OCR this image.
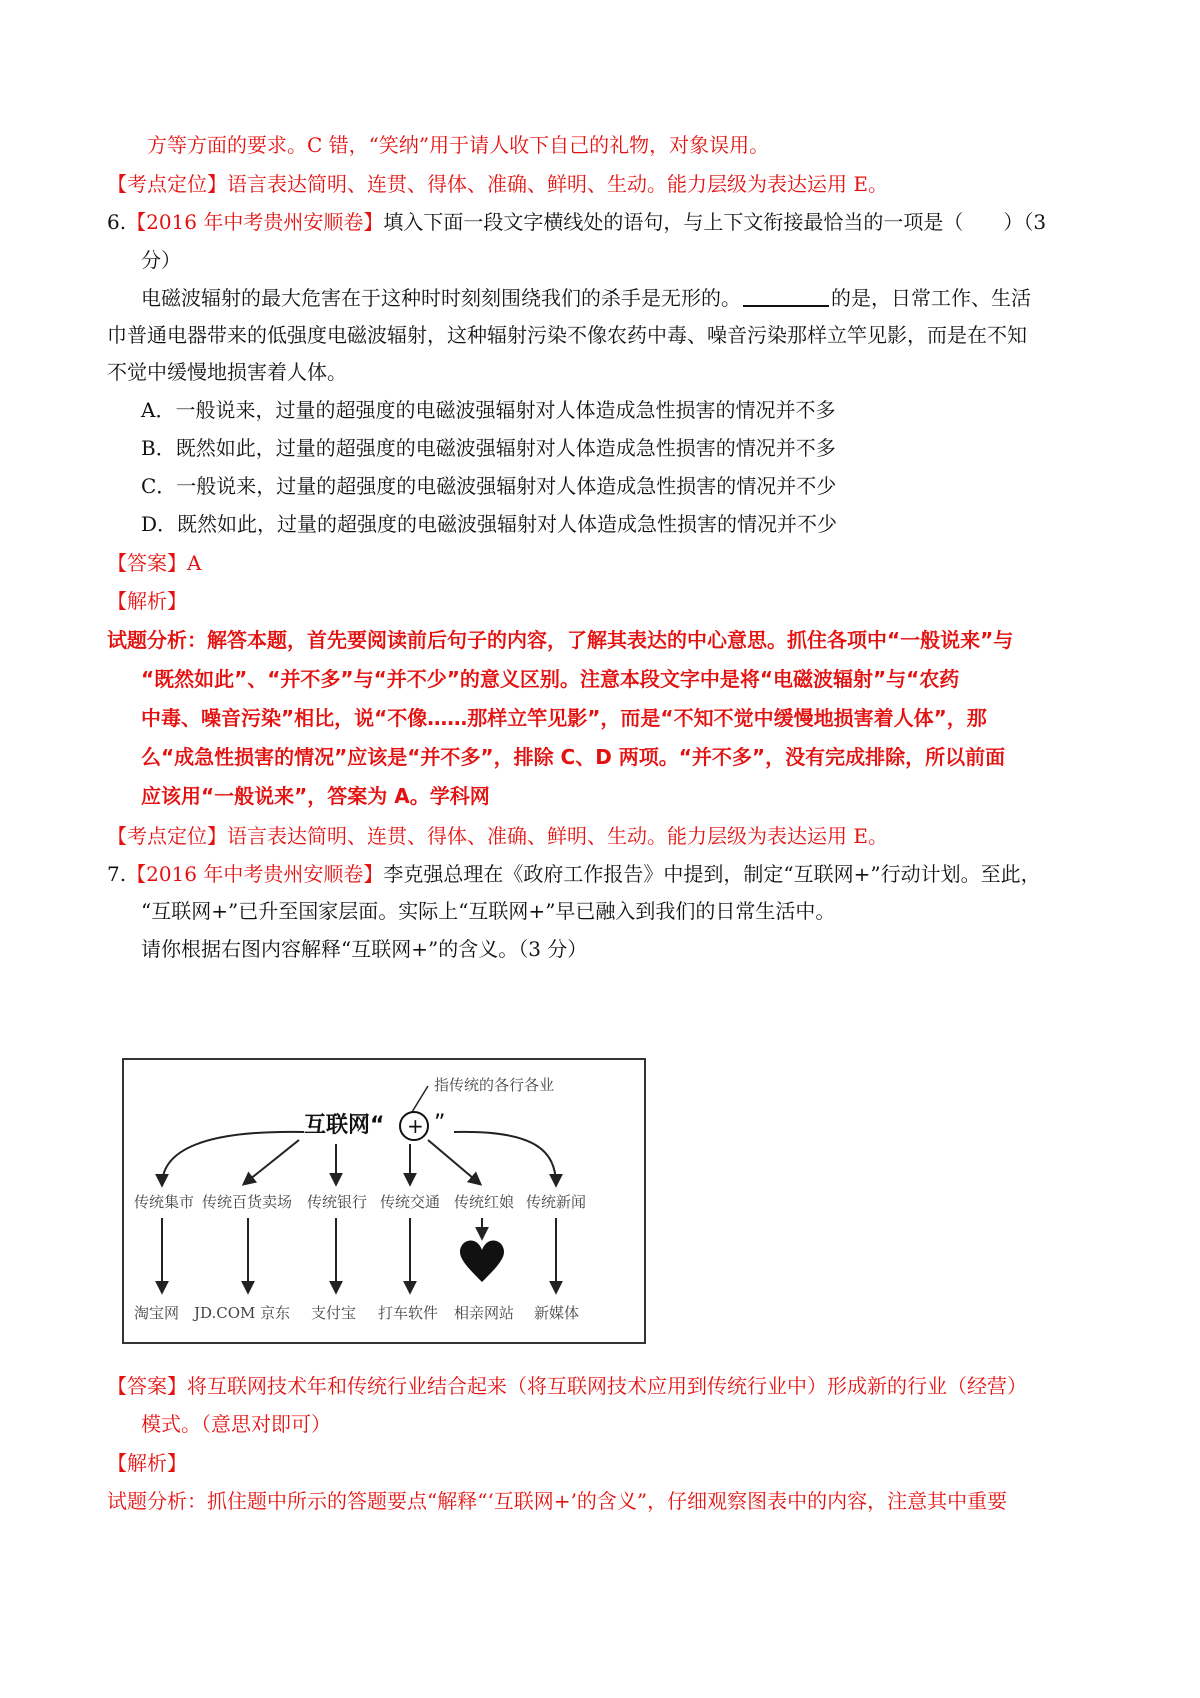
方等方面的要求。C 错，“笑纳”用于请人收下自己的礼物，对象误用。
【考点定位】语言表达简明、连贯、得体、准确、鲜明、生动。能力层级为表达运用 E。
6.【2016 年中考贵州安顺卷】填入下面一段文字横线处的语句，与上下文衔接最恰当的一项是（　　）（3
分）
电磁波辐射的最大危害在于这种时时刻刻围绕我们的杀手是无形的。	的是，日常工作、生活
巾普通电器带来的低强度电磁波辐射，这种辐射污染不像农药中毒、噪音污染那样立竿见影，而是在不知
不觉中缓慢地损害着人体。
A．一般说来，过量的超强度的电磁波强辐射对人体造成急性损害的情况并不多
B．既然如此，过量的超强度的电磁波强辐射对人体造成急性损害的情况并不多
C．一般说来，过量的超强度的电磁波强辐射对人体造成急性损害的情况并不少
D．既然如此，过量的超强度的电磁波强辐射对人体造成急性损害的情况并不少
【答案】A
【解析】
试题分析：解答本题，首先要阅读前后句子的内容，了解其表达的中心意思。抓住各项中“一般说来”与
“既然如此”、“并不多”与“并不少”的意义区别。注意本段文字中是将“电磁波辐射”与“农药
中毒、噪音污染”相比，说“不像……那样立竿见影”，而是“不知不觉中缓慢地损害着人体”，那
么“成急性损害的情况”应该是“并不多”，排除 C、D 两项。“并不多”，没有完成排除，所以前面
应该用“一般说来”，答案为 A。学科网
【考点定位】语言表达简明、连贯、得体、准确、鲜明、生动。能力层级为表达运用 E。
7.【2016 年中考贵州安顺卷】李克强总理在《政府工作报告》中提到，制定“互联网+”行动计划。至此，
“互联网+”已升至国家层面。实际上“互联网+”早已融入到我们的日常生活中。
请你根据右图内容解释“互联网+”的含义。（3 分）
指传统的各行各业
互联网“ + ”
传统集市 传统百货卖场 传统银行 传统交通 传统红娘 传统新闻
淘宝网 JD.COM 京东 支付宝 打车软件 相亲网站 新媒体
【答案】将互联网技术年和传统行业结合起来（将互联网技术应用到传统行业中）形成新的行业（经营）
模式。（意思对即可）
【解析】
试题分析：抓住题中所示的答题要点“解释“‘互联网+’的含义”，仔细观察图表中的内容，注意其中重要
